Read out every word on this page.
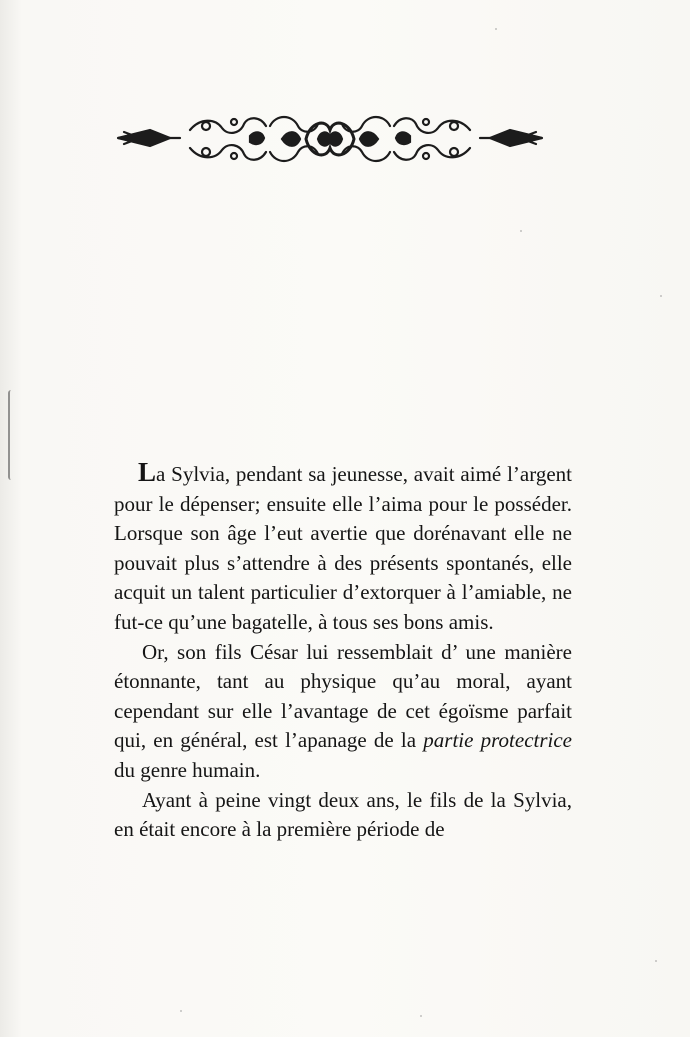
La Sylvia, pendant sa jeunesse, avait aimé l’argent pour le dépenser; ensuite elle l’aima pour le posséder. Lorsque son âge l’eut avertie que dorénavant elle ne pouvait plus s’attendre à des présents spontanés, elle acquit un talent particulier d’extorquer à l’amiable, ne fut-ce qu’une bagatelle, à tous ses bons amis.

Or, son fils César lui ressemblait d’ une manière étonnante, tant au physique qu’au moral, ayant cependant sur elle l’avantage de cet égoïsme parfait qui, en général, est l’apanage de la partie protectrice du genre humain.

Ayant à peine vingt deux ans, le fils de la Sylvia, en était encore à la première période de
